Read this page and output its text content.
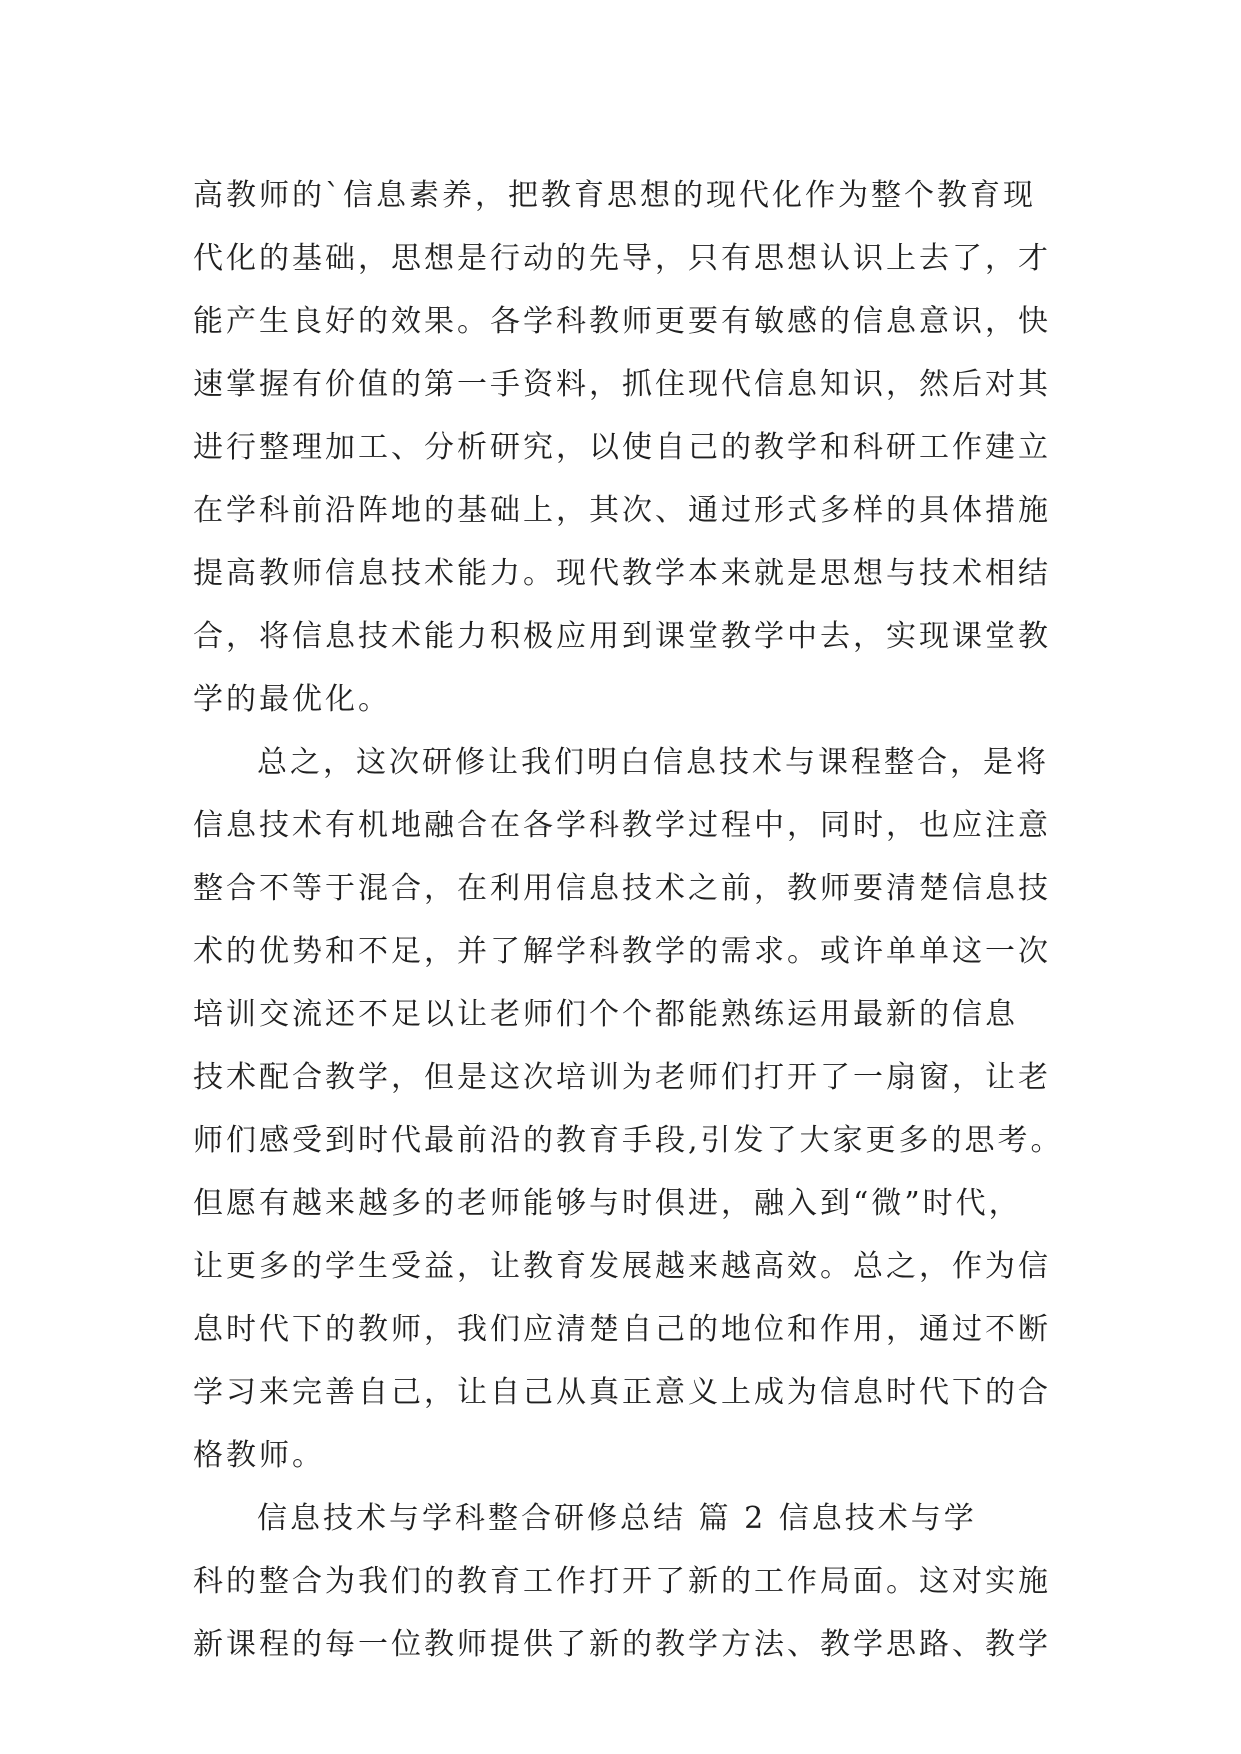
高教师的`信息素养，把教育思想的现代化作为整个教育现
代化的基础，思想是行动的先导，只有思想认识上去了，才
能产生良好的效果。各学科教师更要有敏感的信息意识，快
速掌握有价值的第一手资料，抓住现代信息知识，然后对其
进行整理加工、分析研究，以使自己的教学和科研工作建立
在学科前沿阵地的基础上，其次、通过形式多样的具体措施
提高教师信息技术能力。现代教学本来就是思想与技术相结
合，将信息技术能力积极应用到课堂教学中去，实现课堂教
学的最优化。
总之，这次研修让我们明白信息技术与课程整合，是将
信息技术有机地融合在各学科教学过程中，同时，也应注意
整合不等于混合，在利用信息技术之前，教师要清楚信息技
术的优势和不足，并了解学科教学的需求。或许单单这一次
培训交流还不足以让老师们个个都能熟练运用最新的信息
技术配合教学，但是这次培训为老师们打开了一扇窗，让老
师们感受到时代最前沿的教育手段,引发了大家更多的思考。
但愿有越来越多的老师能够与时俱进，融入到“微”时代，
让更多的学生受益，让教育发展越来越高效。总之，作为信
息时代下的教师，我们应清楚自己的地位和作用，通过不断
学习来完善自己，让自己从真正意义上成为信息时代下的合
格教师。
信息技术与学科整合研修总结 篇 2 信息技术与学
科的整合为我们的教育工作打开了新的工作局面。这对实施
新课程的每一位教师提供了新的教学方法、教学思路、教学
